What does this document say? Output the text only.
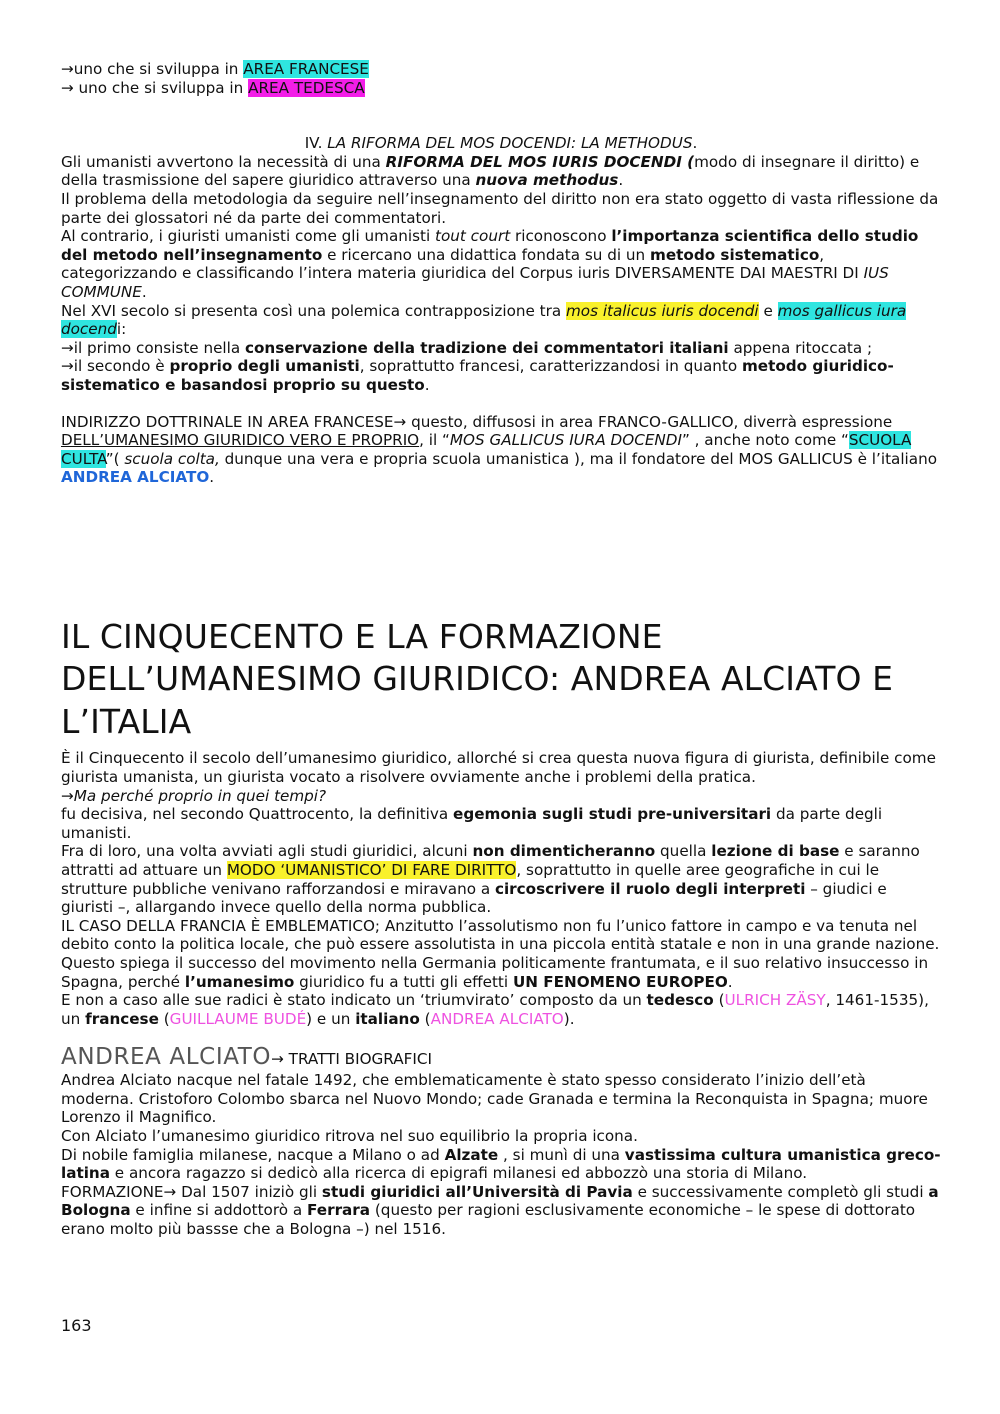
→uno che si sviluppa in AREA FRANCESE

→ uno che si sviluppa in AREA TEDESCA

IV. LA RIFORMA DEL MOS DOCENDI: LA METHODUS.

Gli umanisti avvertono la necessità di una RIFORMA DEL MOS IURIS DOCENDI (modo di insegnare il diritto) e della trasmissione del sapere giuridico attraverso una nuova methodus.

Il problema della metodologia da seguire nell’insegnamento del diritto non era stato oggetto di vasta riflessione da parte dei glossatori né da parte dei commentatori.

Al contrario, i giuristi umanisti come gli umanisti tout court riconoscono l’importanza scientifica dello studio del metodo nell’insegnamento e ricercano una didattica fondata su di un metodo sistematico, categorizzando e classificando l’intera materia giuridica del Corpus iuris DIVERSAMENTE DAI MAESTRI DI IUS COMMUNE.

Nel XVI secolo si presenta così una polemica contrapposizione tra mos italicus iuris docendi e mos gallicus iura docendi:

→il primo consiste nella conservazione della tradizione dei commentatori italiani appena ritoccata ;

→il secondo è proprio degli umanisti, soprattutto francesi, caratterizzandosi in quanto metodo giuridico-sistematico e basandosi proprio su questo.

INDIRIZZO DOTTRINALE IN AREA FRANCESE→ questo, diffusosi in area FRANCO-GALLICO, diverrà espressione DELL’UMANESIMO GIURIDICO VERO E PROPRIO, il “MOS GALLICUS IURA DOCENDI” , anche noto come “SCUOLA CULTA”( scuola colta, dunque una vera e propria scuola umanistica ), ma il fondatore del MOS GALLICUS è l’italiano ANDREA ALCIATO.

IL CINQUECENTO E LA FORMAZIONE DELL’UMANESIMO GIURIDICO: ANDREA ALCIATO E L’ITALIA

È il Cinquecento il secolo dell’umanesimo giuridico, allorché si crea questa nuova figura di giurista, definibile come giurista umanista, un giurista vocato a risolvere ovviamente anche i problemi della pratica.

→Ma perché proprio in quei tempi?

fu decisiva, nel secondo Quattrocento, la definitiva egemonia sugli studi pre-universitari da parte degli umanisti.

Fra di loro, una volta avviati agli studi giuridici, alcuni non dimenticheranno quella lezione di base e saranno attratti ad attuare un MODO ‘UMANISTICO’ DI FARE DIRITTO, soprattutto in quelle aree geografiche in cui le strutture pubbliche venivano rafforzandosi e miravano a circoscrivere il ruolo degli interpreti – giudici e giuristi –, allargando invece quello della norma pubblica.

IL CASO DELLA FRANCIA È EMBLEMATICO; Anzitutto l’assolutismo non fu l’unico fattore in campo e va tenuta nel debito conto la politica locale, che può essere assolutista in una piccola entità statale e non in una grande nazione. Questo spiega il successo del movimento nella Germania politicamente frantumata, e il suo relativo insuccesso in Spagna, perché l’umanesimo giuridico fu a tutti gli effetti UN FENOMENO EUROPEO.

E non a caso alle sue radici è stato indicato un ‘triumvirato’ composto da un tedesco (ULRICH ZÄSY, 1461-1535), un francese (GUILLAUME BUDÉ) e un italiano (ANDREA ALCIATO).

ANDREA ALCIATO→ TRATTI BIOGRAFICI

Andrea Alciato nacque nel fatale 1492, che emblematicamente è stato spesso considerato l’inizio dell’età moderna. Cristoforo Colombo sbarca nel Nuovo Mondo; cade Granada e termina la Reconquista in Spagna; muore Lorenzo il Magnifico.

Con Alciato l’umanesimo giuridico ritrova nel suo equilibrio la propria icona.

Di nobile famiglia milanese, nacque a Milano o ad Alzate , si munì di una vastissima cultura umanistica greco-latina e ancora ragazzo si dedicò alla ricerca di epigrafi milanesi ed abbozzò una storia di Milano.

FORMAZIONE→ Dal 1507 iniziò gli studi giuridici all’Università di Pavia e successivamente completò gli studi a Bologna e infine si addottorò a Ferrara (questo per ragioni esclusivamente economiche – le spese di dottorato erano molto più bassse che a Bologna –) nel 1516.

163
